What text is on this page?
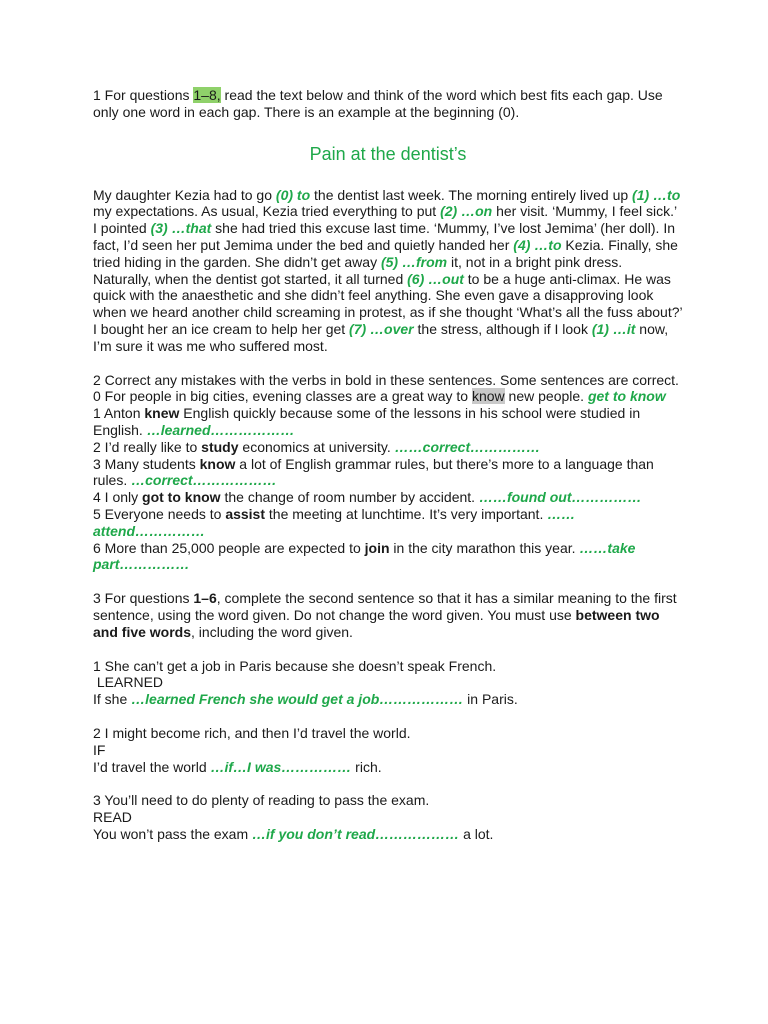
1 For questions 1–8, read the text below and think of the word which best fits each gap. Use only one word in each gap. There is an example at the beginning (0).

Pain at the dentist’s

My daughter Kezia had to go (0) to the dentist last week. The morning entirely lived up (1) …to my expectations. As usual, Kezia tried everything to put (2) …on her visit. ‘Mummy, I feel sick.’ I pointed (3) …that she had tried this excuse last time. ‘Mummy, I’ve lost Jemima’ (her doll). In fact, I’d seen her put Jemima under the bed and quietly handed her (4) …to Kezia. Finally, she tried hiding in the garden. She didn’t get away (5) …from it, not in a bright pink dress. Naturally, when the dentist got started, it all turned (6) …out to be a huge anti-climax. He was quick with the anaesthetic and she didn’t feel anything. She even gave a disapproving look when we heard another child screaming in protest, as if she thought ‘What’s all the fuss about?’ I bought her an ice cream to help her get (7) …over the stress, although if I look (1) …it now, I’m sure it was me who suffered most.

2 Correct any mistakes with the verbs in bold in these sentences. Some sentences are correct.

0 For people in big cities, evening classes are a great way to know new people. get to know

1 Anton knew English quickly because some of the lessons in his school were studied in English. …learned………………

2 I’d really like to study economics at university. ……correct……………

3 Many students know a lot of English grammar rules, but there’s more to a language than rules. …correct………………

4 I only got to know the change of room number by accident. ……found out……………

5 Everyone needs to assist the meeting at lunchtime. It’s very important. ……attend……………

6 More than 25,000 people are expected to join in the city marathon this year. ……take part……………

3 For questions 1–6, complete the second sentence so that it has a similar meaning to the first sentence, using the word given. Do not change the word given. You must use between two and five words, including the word given.

1 She can’t get a job in Paris because she doesn’t speak French.

LEARNED

If she …learned French she would get a job……………… in Paris.

2 I might become rich, and then I’d travel the world.

IF

I’d travel the world …if…I was…………… rich.

3 You’ll need to do plenty of reading to pass the exam.

READ

You won’t pass the exam …if you don’t read……………… a lot.
